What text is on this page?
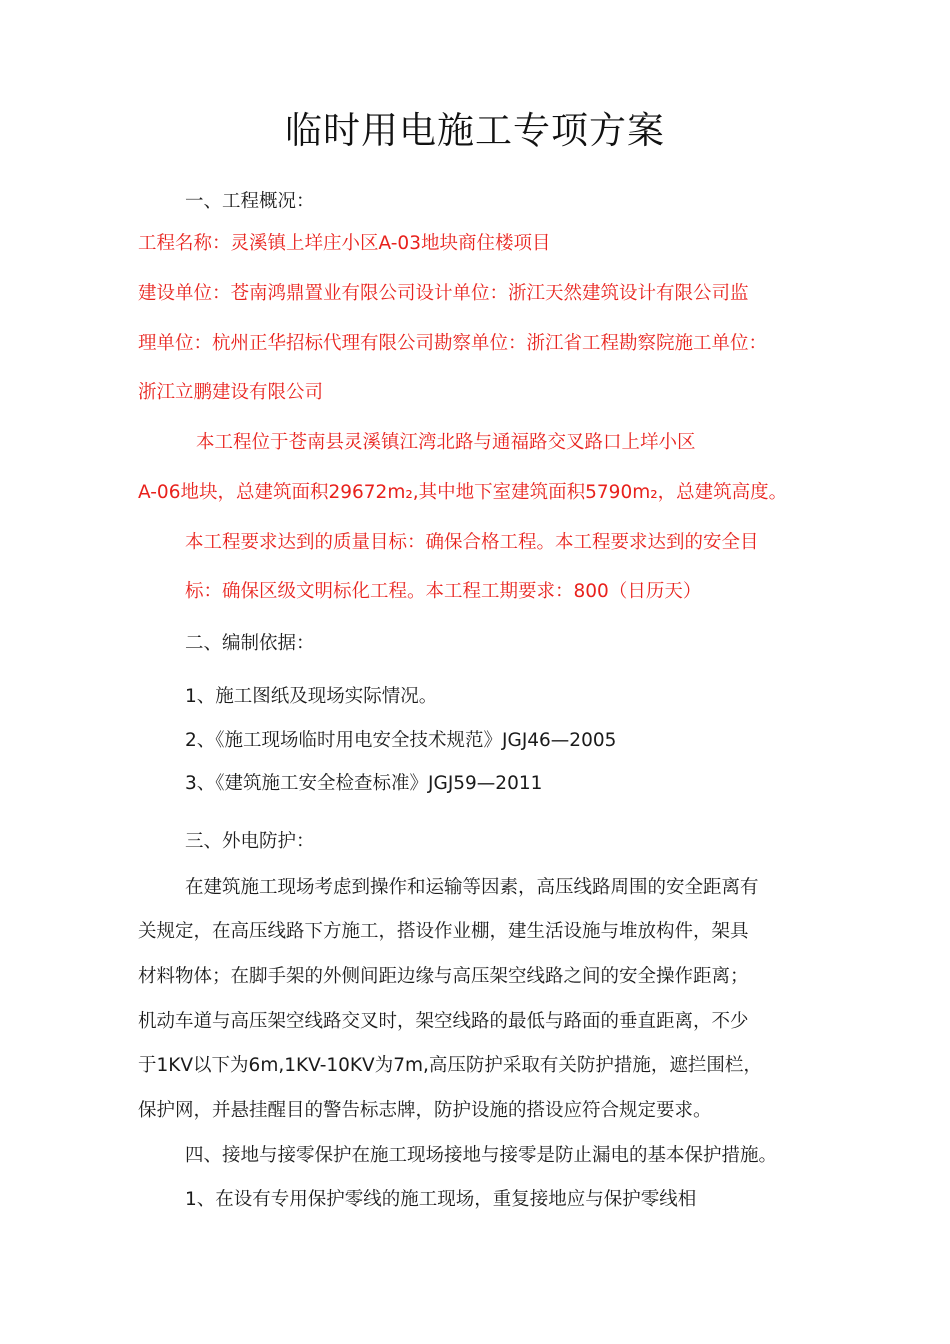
临时用电施工专项方案
一、工程概况：
工程名称：灵溪镇上垟庄小区A-03地块商住楼项目
建设单位：苍南鸿鼎置业有限公司设计单位：浙江天然建筑设计有限公司监
理单位：杭州正华招标代理有限公司勘察单位：浙江省工程勘察院施工单位：
浙江立鹏建设有限公司
本工程位于苍南县灵溪镇江湾北路与通福路交叉路口上垟小区
A-06地块，总建筑面积29672m₂,其中地下室建筑面积5790m₂，总建筑高度。
本工程要求达到的质量目标：确保合格工程。本工程要求达到的安全目
标：确保区级文明标化工程。本工程工期要求：800（日历天）
二、编制依据：
1、施工图纸及现场实际情况。
2、《施工现场临时用电安全技术规范》JGJ46—2005
3、《建筑施工安全检查标准》JGJ59—2011
三、外电防护：
在建筑施工现场考虑到操作和运输等因素，高压线路周围的安全距离有
关规定，在高压线路下方施工，搭设作业棚，建生活设施与堆放构件，架具
材料物体；在脚手架的外侧间距边缘与高压架空线路之间的安全操作距离；
机动车道与高压架空线路交叉时，架空线路的最低与路面的垂直距离，不少
于1KV以下为6m,1KV-10KV为7m,高压防护采取有关防护措施，遮拦围栏，
保护网，并悬挂醒目的警告标志牌，防护设施的搭设应符合规定要求。
四、接地与接零保护在施工现场接地与接零是防止漏电的基本保护措施。
1、在设有专用保护零线的施工现场，重复接地应与保护零线相
